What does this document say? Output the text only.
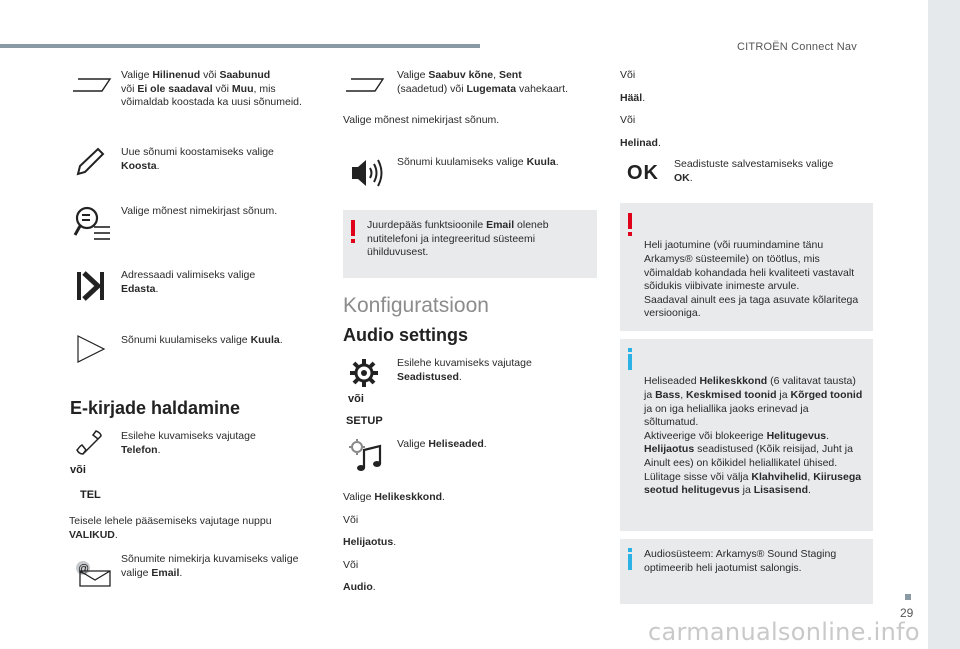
CITROËN Connect Nav
29
carmanualsonline.info
Valige Hilinenud või Saabunud
või Ei ole saadaval või Muu, mis võimaldab koostada ka uusi sõnumeid.
Uue sõnumi koostamiseks valige
Koosta.
Valige mõnest nimekirjast sõnum.
Adressaadi valimiseks valige
Edasta.
Sõnumi kuulamiseks valige Kuula.
E-kirjade haldamine
või
Esilehe kuvamiseks vajutage
Telefon.
TEL
Teisele lehele pääsemiseks vajutage nuppu
VALIKUD.
@
Sõnumite nimekirja kuvamiseks valige
valige Email.
Valige Saabuv kõne, Sent
(saadetud) või Lugemata vahekaart.
Valige mõnest nimekirjast sõnum.
Sõnumi kuulamiseks valige Kuula.
Juurdepääs funktsioonile Email oleneb nutitelefoni ja integreeritud süsteemi ühilduvusest.
Konfiguratsioon
Audio settings
või
SETUP
Esilehe kuvamiseks vajutage
Seadistused.
Valige Heliseaded.
Valige Helikeskkond.
Või
Helijaotus.
Või
Audio.
Või
Hääl.
Või
Helinad.
OK Seadistuste salvestamiseks valige
OK.

Heli jaotumine (või ruumindamine tänu Arkamys® süsteemile) on töötlus, mis võimaldab kohandada heli kvaliteeti vastavalt sõidukis viibivate inimeste arvule.
Saadaval ainult ees ja taga asuvate kõlaritega versiooniga.

Heliseaded Helikeskkond (6 valitavat tausta) ja Bass, Keskmised toonid ja Kõrged toonid ja on iga heliallika jaoks erinevad ja sõltumatud.
Aktiveerige või blokeerige Helitugevus.
Helijaotus seadistused (Kõik reisijad, Juht ja Ainult ees) on kõikidel heliallikatel ühised.
Lülitage sisse või välja Klahvihelid, Kiirusega seotud helitugevus ja Lisasisend.

Audiosüsteem: Arkamys® Sound Staging optimeerib heli jaotumist salongis.
